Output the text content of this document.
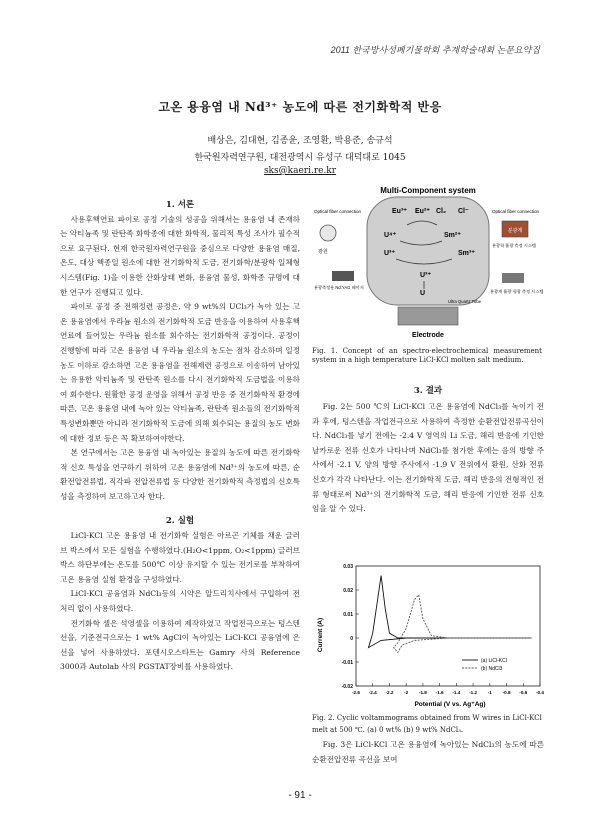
2011 한국방사성폐기물학회 추계학술대회 논문요약집
고온 용융염 내 Nd³⁺ 농도에 따른 전기화학적 반응
배상은, 김대현, 김종윤, 조영환, 박용준, 송규석
한국원자력연구원, 대전광역시 유성구 대덕대로 1045
sks@kaeri.re.kr

1. 서론

사용후핵연료 파이로 공정 기술의 성공을 위해서는 용융염 내 존재하는 악티늄족 및 란탄족 화학종에 대한 화학적, 물리적 특성 조사가 필수적으로 요구된다. 현재 한국원자력연구원을 중심으로 다양한 용융염 매질, 온도, 대상 핵종일 원소에 대한 전기화학적 도금, 전기화학/분광학 일체형 시스템(Fig. 1)을 이용한 산화상태 변화, 용융염 물성, 화학종 규명에 대한 연구가 진행되고 있다.

파이로 공정 중 전해정련 공정은, 약 9 wt%의 UCl₃가 녹아 있는 고온 용융염에서 우라늄 원소의 전기화학적 도금 반응을 이용하여 사용후핵연료에 들어있는 우라늄 원소를 회수하는 전기화학적 공정이다. 공정이 진행함에 따라 고온 용융염 내 우라늄 원소의 농도는 점차 감소하며 일정 농도 이하로 감소하면 고온 용융염을 전해제련 공정으로 이송하여 남아있는 유용한 악티늄족 및 란탄족 원소를 다시 전기화학적 도금법을 이용하여 회수한다. 원활한 공정 운영을 위해서 공정 반응 중 전기화학적 환경에 따른, 고온 용융염 내에 녹아 있는 악티늄족, 란탄족 원소들의 전기화학적 특성변화뿐만 아니라 전기화학적 도금에 의해 회수되는 용질의 농도 변화에 대한 정보 등은 꼭 확보하여야한다.

본 연구에서는 고온 용융염 내 녹아있는 용질의 농도에 따른 전기화학적 신호 특성을 연구하기 위하여 고온 용융염에 Nd³⁺의 농도에 따른, 순환전압전류법, 직각파 전압전류법 등 다양한 전기화학적 측정법의 신호특성을 측정하여 보고하고자 한다.

2. 실험

LiCl-KCl 고온 용융염 내 전기화학 실험은 아르곤 기체를 채운 글러브 박스에서 모든 실험을 수행하였다.(H₂O<1ppm, O₂<1ppm) 글러브 박스 하단부에는 온도를 500℃ 이상 유지할 수 있는 전기로를 부착하여 고온 용융염 실험 환경을 구성하였다.

LiCl-KCl 공융염과 NdCl₃등의 시약은 알드리치사에서 구입하여 전처리 없이 사용하였다.

전기화학 셀은 석영셀을 이용하여 제작하였고 작업전극으로는 텅스텐선을, 기준전극으로는 1 wt% AgCl이 녹아있는 LiCl-KCl 공융염에 은선을 넣어 사용하였다. 포텐시오스타트는 Gamry 사의 Reference 3000과 Autolab 사의 PGSTAT장비를 사용하였다.

Multi-Component system
Eu³⁺ Eu²⁺ Cl₂ Cl⁻
U⁴⁺	Sm²⁺
U³⁺	Sm³⁺
U³⁺
U
Optical fiber connection	Optical fiber connection
광원
분광계
분광학 흡광 측정 시스템
분광측정용 Nd:YAG 레이저
분광계 흡광·형광 측정 시스템
Ultra Quartz Tube
Electrode
Fig. 1. Concept of an spectro-electrochemical measurement system in a high temperature LiCl-KCl molten salt medium.
3. 결과

Fig. 2는 500 ℃의 LiCl-KCl 고온 용융염에 NdCl₃를 녹이기 전과 후에, 텅스텐을 작업전극으로 사용하여 측정한 순환전압전류곡선이다. NdCl₃를 넣기 전에는 -2.4 V 영역의 Li 도금, 해리 반응에 기인한 날카로운 전류 신호가 나타나며 NdCl₃를 첨가한 후에는 음의 방향 주사에서 -2.1 V, 양의 방향 주사에서 -1.9 V 전위에서 환원, 산화 전류 신호가 각각 나타난다. 이는 전기화학적 도금, 해리 반응의 전형적인 전류 형태로써 Nd³⁺의 전기화학적 도금, 해리 반응에 기인한 전류 신호임을 알 수 있다.

-2.6 -2.4 -2.2 -2 -1.8 -1.6 -1.4 -1.2 -1 -0.8 -0.6 -0.4
-0.02
-0.01
0
0.01
0.02
0.03
Current (A)
Potential (V vs. Ag⁺Ag)
(a) LiCl-KCl
(b) NdCl3
Fig. 2. Cyclic voltammograms obtained from W wires in LiCl-KCl melt at 500 ℃. (a) 0 wt% (b) 9 wt% NdCl₃.

Fig. 3은 LiCl-KCl 고온 용융염에 녹아있는 NdCl₃의 농도에 따른 순환전압전류 곡선을 보여

- 91 -
